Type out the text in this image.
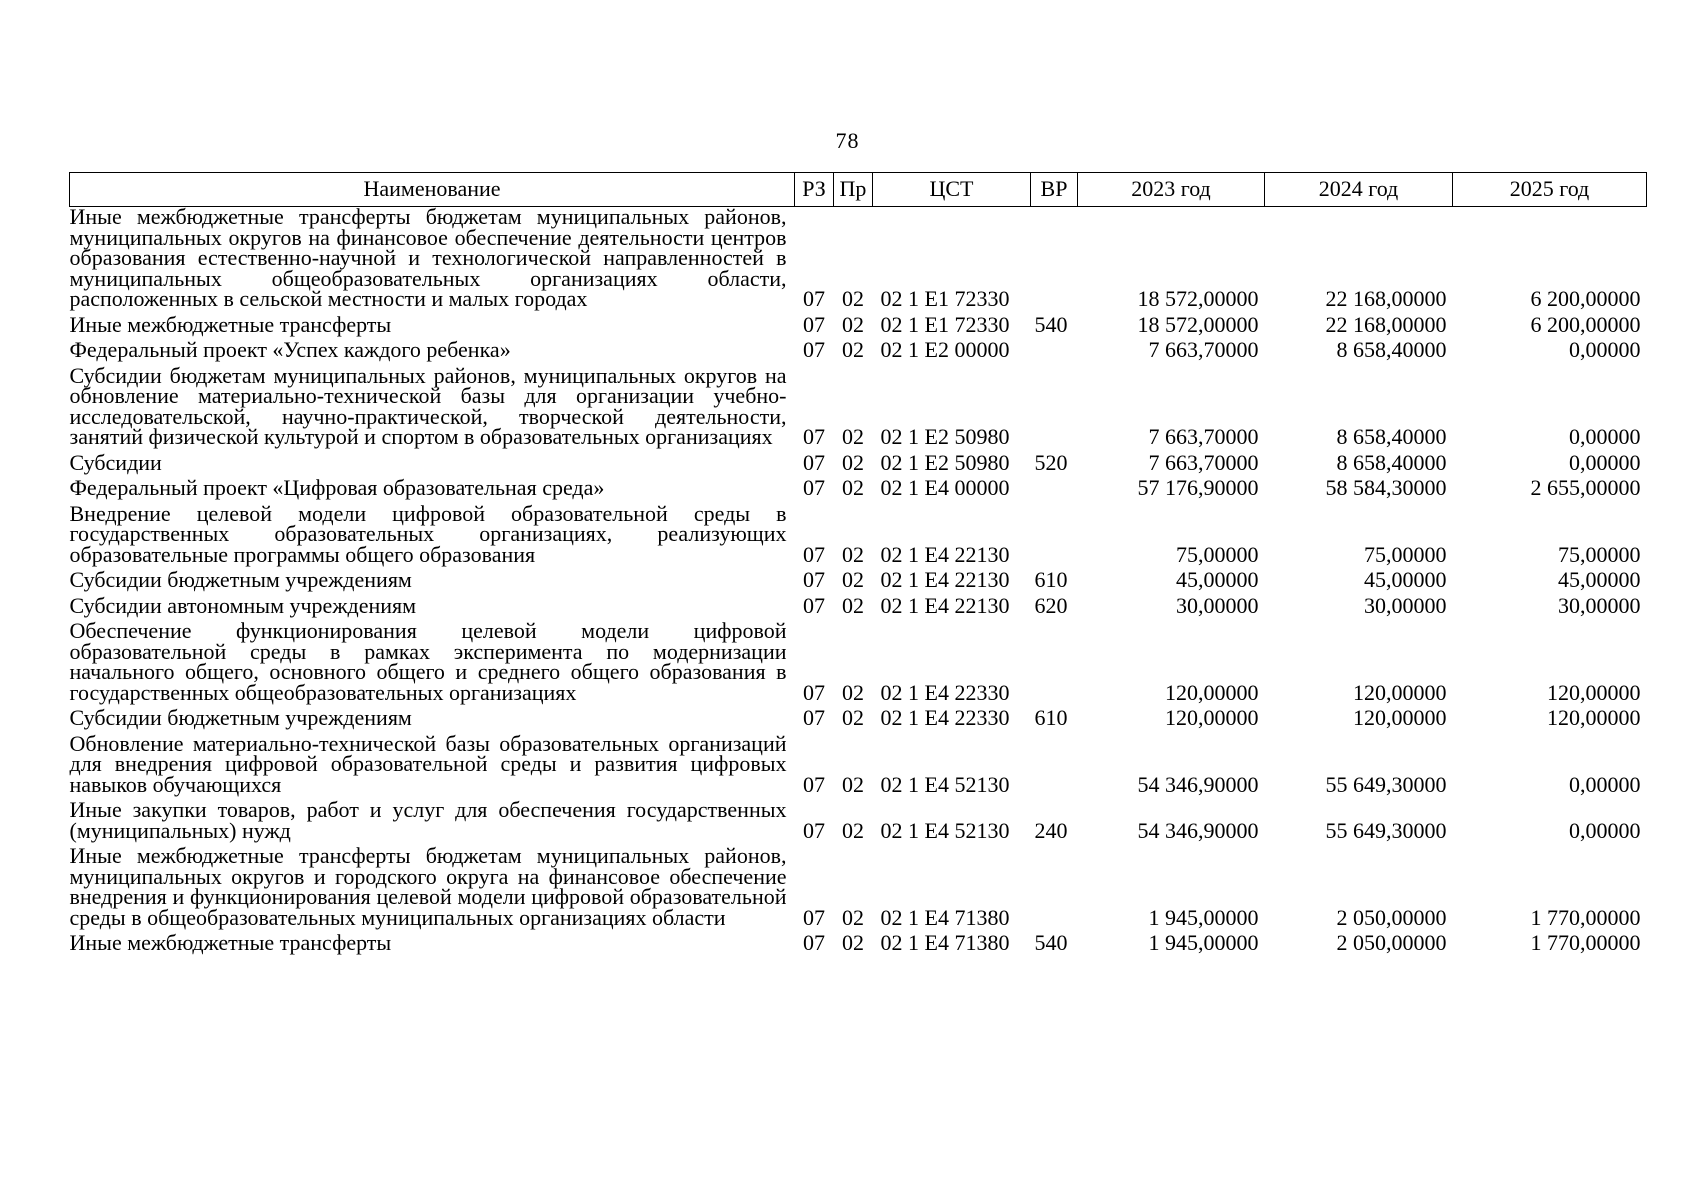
78
Наименование	РЗ	Пр	ЦСТ	ВР	2023 год	2024 год	2025 год
Иные межбюджетные трансферты бюджетам муниципальных районов, муниципальных округов на финансовое обеспечение деятельности центров образования естественно-научной и технологической направленностей в муниципальных общеобразовательных организациях области, расположенных в сельской местности и малых городах	07	02	02 1 E1 72330		18 572,00000	22 168,00000	6 200,00000
Иные межбюджетные трансферты	07	02	02 1 E1 72330	540	18 572,00000	22 168,00000	6 200,00000
Федеральный проект «Успех каждого ребенка»	07	02	02 1 E2 00000		7 663,70000	8 658,40000	0,00000
Субсидии бюджетам муниципальных районов, муниципальных округов на обновление материально-технической базы для организации учебно-исследовательской, научно-практической, творческой деятельности, занятий физической культурой и спортом в образовательных организациях	07	02	02 1 E2 50980		7 663,70000	8 658,40000	0,00000
Субсидии	07	02	02 1 E2 50980	520	7 663,70000	8 658,40000	0,00000
Федеральный проект «Цифровая образовательная среда»	07	02	02 1 E4 00000		57 176,90000	58 584,30000	2 655,00000
Внедрение целевой модели цифровой образовательной среды в государственных образовательных организациях, реализующих образовательные программы общего образования	07	02	02 1 E4 22130		75,00000	75,00000	75,00000
Субсидии бюджетным учреждениям	07	02	02 1 E4 22130	610	45,00000	45,00000	45,00000
Субсидии автономным учреждениям	07	02	02 1 E4 22130	620	30,00000	30,00000	30,00000
Обеспечение функционирования целевой модели цифровой образовательной среды в рамках эксперимента по модернизации начального общего, основного общего и среднего общего образования в государственных общеобразовательных организациях	07	02	02 1 E4 22330		120,00000	120,00000	120,00000
Субсидии бюджетным учреждениям	07	02	02 1 E4 22330	610	120,00000	120,00000	120,00000
Обновление материально-технической базы образовательных организаций для внедрения цифровой образовательной среды и развития цифровых навыков обучающихся	07	02	02 1 E4 52130		54 346,90000	55 649,30000	0,00000
Иные закупки товаров, работ и услуг для обеспечения государственных (муниципальных) нужд	07	02	02 1 E4 52130	240	54 346,90000	55 649,30000	0,00000
Иные межбюджетные трансферты бюджетам муниципальных районов, муниципальных округов и городского округа на финансовое обеспечение внедрения и функционирования целевой модели цифровой образовательной среды в общеобразовательных муниципальных организациях области	07	02	02 1 E4 71380		1 945,00000	2 050,00000	1 770,00000
Иные межбюджетные трансферты	07	02	02 1 E4 71380	540	1 945,00000	2 050,00000	1 770,00000
